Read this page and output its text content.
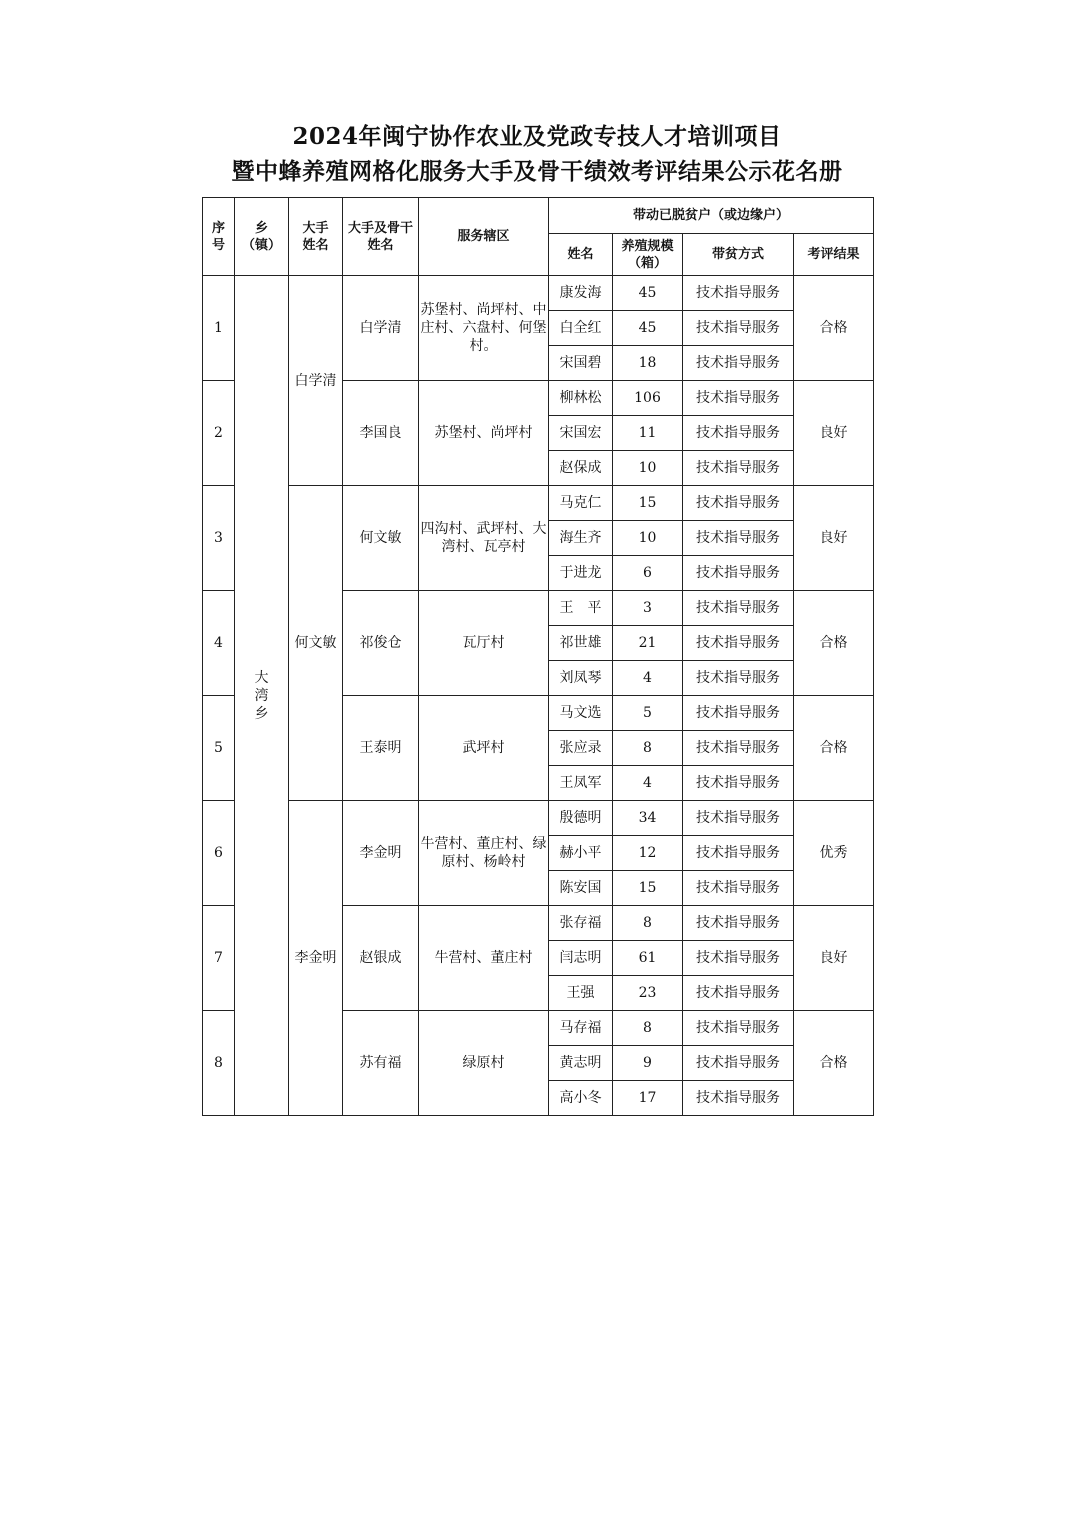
2024年闽宁协作农业及党政专技人才培训项目
暨中蜂养殖网格化服务大手及骨干绩效考评结果公示花名册
序号	乡（镇）	大手姓名	大手及骨干姓名	服务辖区	带动已脱贫户（或边缘户）			
					姓名	养殖规模（箱）	带贫方式	考评结果
1	大湾乡	白学清	白学清	苏堡村、尚坪村、中庄村、六盘村、何堡村。	康发海	45	技术指导服务	合格
					白全红	45	技术指导服务	
					宋国碧	18	技术指导服务	
2			李国良	苏堡村、尚坪村	柳林松	106	技术指导服务	良好
					宋国宏	11	技术指导服务	
					赵保成	10	技术指导服务	
3		何文敏	何文敏	四沟村、武坪村、大湾村、瓦亭村	马克仁	15	技术指导服务	良好
					海生齐	10	技术指导服务	
					于进龙	6	技术指导服务	
4			祁俊仓	瓦厅村	王　平	3	技术指导服务	合格
					祁世雄	21	技术指导服务	
					刘凤琴	4	技术指导服务	
5			王泰明	武坪村	马文选	5	技术指导服务	合格
					张应录	8	技术指导服务	
					王凤军	4	技术指导服务	
6		李金明	李金明	牛营村、董庄村、绿原村、杨岭村	殷德明	34	技术指导服务	优秀
					赫小平	12	技术指导服务	
					陈安国	15	技术指导服务	
7			赵银成	牛营村、董庄村	张存福	8	技术指导服务	良好
					闫志明	61	技术指导服务	
					王强	23	技术指导服务	
8			苏有福	绿原村	马存福	8	技术指导服务	合格
					黄志明	9	技术指导服务	
					高小冬	17	技术指导服务	
